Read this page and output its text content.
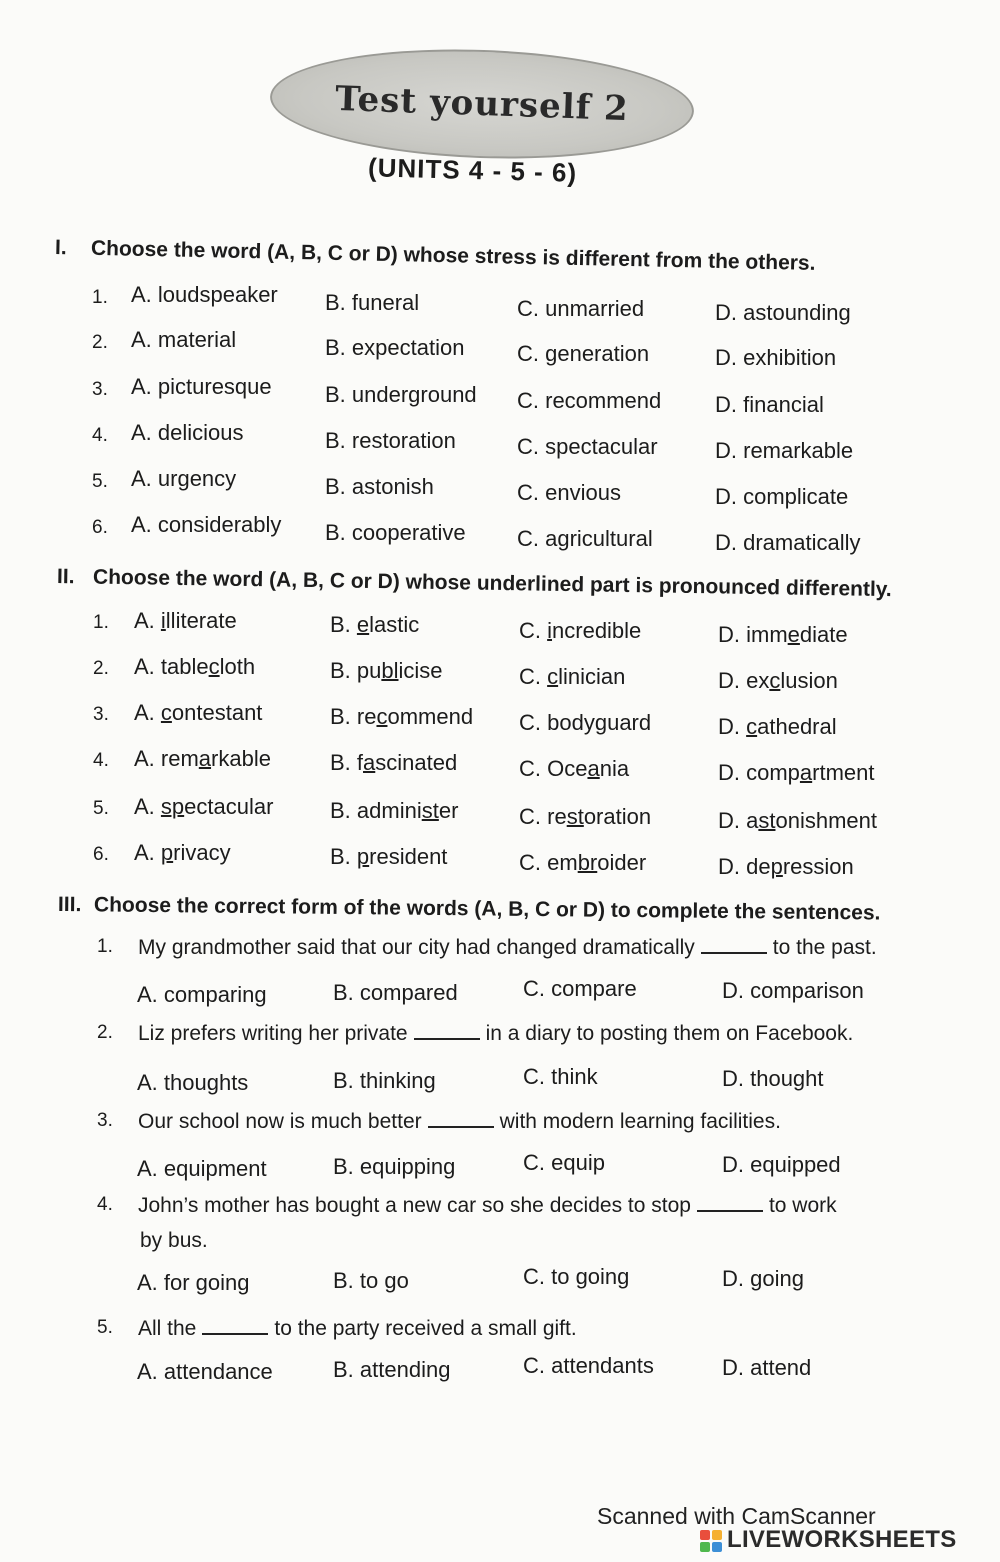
Test yourself 2
(UNITS 4 - 5 - 6)
I. Choose the word (A, B, C or D) whose stress is different from the others.
1. A. loudspeaker B. funeral	C. unmarried	D. astounding
2. A. material	B. expectation C. generation	D. exhibition
3. A. picturesque B. underground C. recommend D. financial
4. A. delicious	B. restoration	C. spectacular	D. remarkable
5. A. urgency	B. astonish	C. envious	D. complicate
6. A. considerably B. cooperative C. agricultural	D. dramatically
II. Choose the word (A, B, C or D) whose underlined part is pronounced differently.
1. A. illiterate	B. elastic	C. incredible	D. immediate
2. A. tablecloth	B. publicise	C. clinician	D. exclusion
3. A. contestant	B. recommend C. bodyguard	D. cathedral
4. A. remarkable	B. fascinated	C. Oceania	D. compartment
5. A. spectacular	B. administer	C. restoration	D. astonishment
6. A. privacy	B. president	C. embroider	D. depression
III. Choose the correct form of the words (A, B, C or D) to complete the sentences.
1. My grandmother said that our city had changed dramatically	to the past.
A. comparing	B. compared	C. compare	D. comparison
2. Liz prefers writing her private	in a diary to posting them on Facebook.
A. thoughts	B. thinking	C. think	D. thought
3. Our school now is much better	with modern learning facilities.
A. equipment	B. equipping	C. equip	D. equipped
4. John’s mother has bought a new car so she decides to stop	to work
by bus.
A. for going	B. to go	C. to going	D. going
5. All the	to the party received a small gift.
A. attendance	B. attending	C. attendants	D. attend
Scanned with CamScanner
LIVEWORKSHEETS
